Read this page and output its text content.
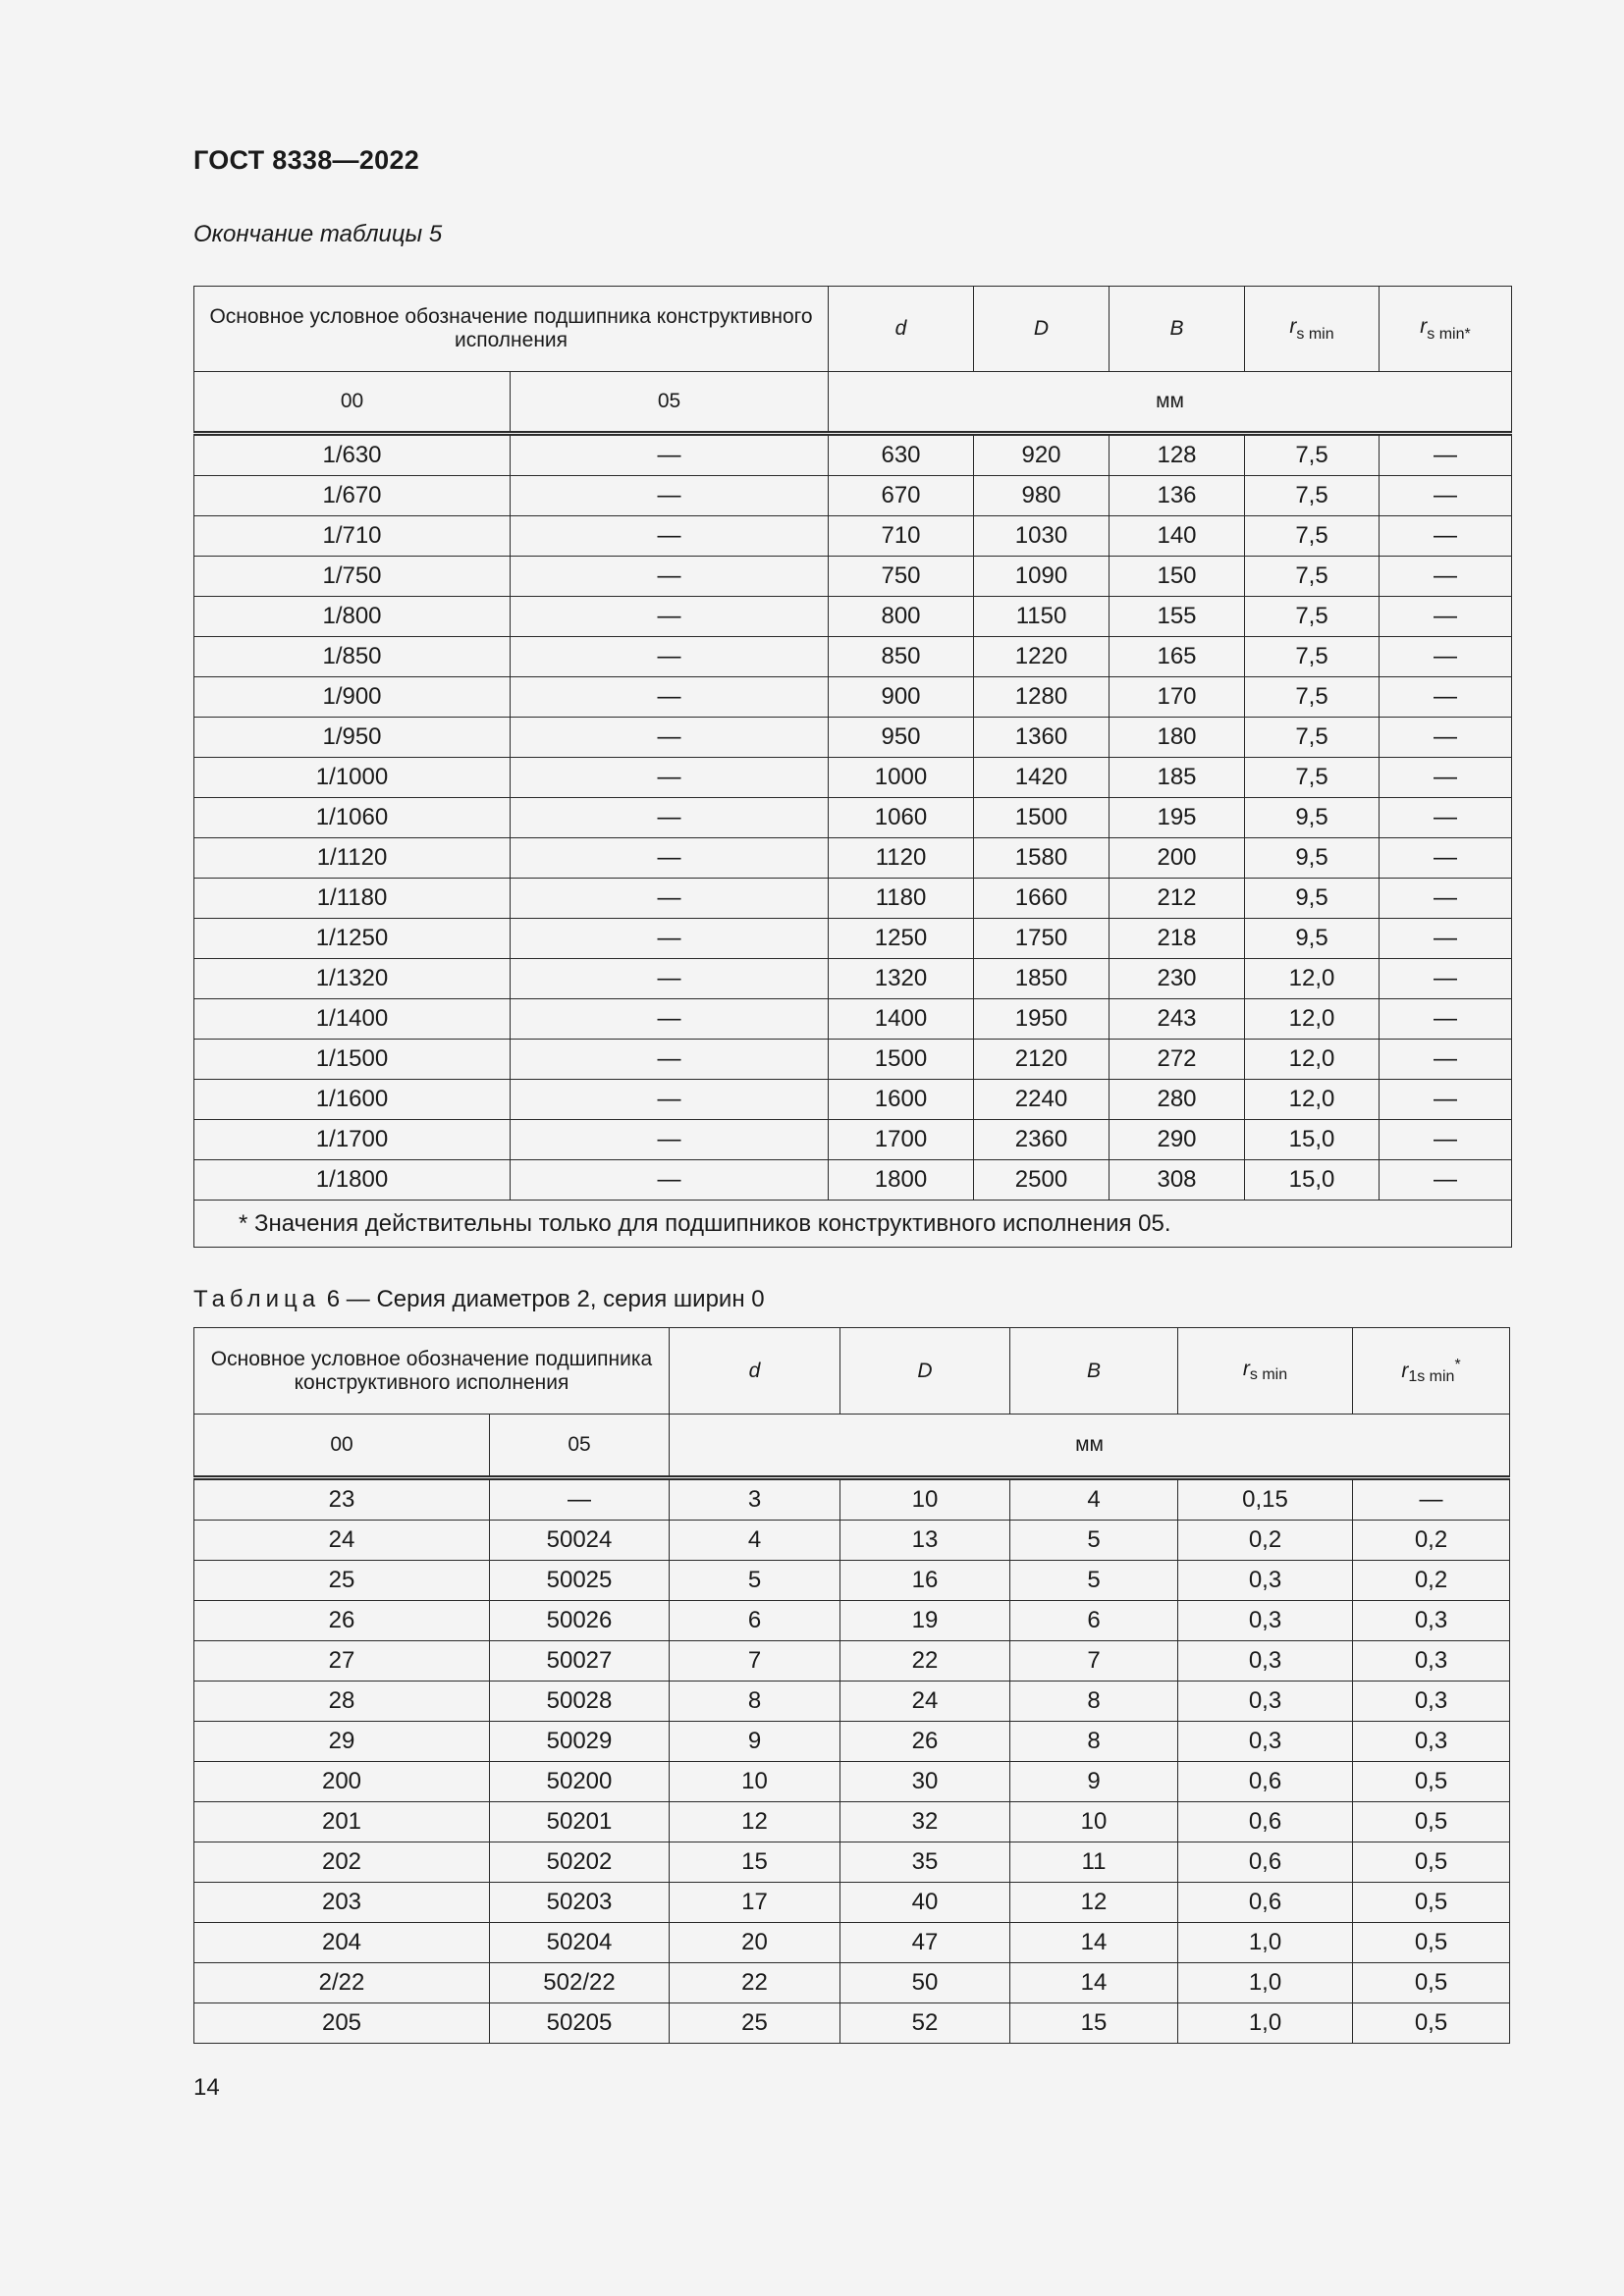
ГОСТ 8338—2022
Окончание таблицы 5
Основное условное обозначение подшипника конструктивного исполнения		d	D	B	$r_{s min}$	$r_{s min*}$
00	05	мм				
1/630	—	630	920	128	7,5	—
1/670	—	670	980	136	7,5	—
1/710	—	710	1030	140	7,5	—
1/750	—	750	1090	150	7,5	—
1/800	—	800	1150	155	7,5	—
1/850	—	850	1220	165	7,5	—
1/900	—	900	1280	170	7,5	—
1/950	—	950	1360	180	7,5	—
1/1000	—	1000	1420	185	7,5	—
1/1060	—	1060	1500	195	9,5	—
1/1120	—	1120	1580	200	9,5	—
1/1180	—	1180	1660	212	9,5	—
1/1250	—	1250	1750	218	9,5	—
1/1320	—	1320	1850	230	12,0	—
1/1400	—	1400	1950	243	12,0	—
1/1500	—	1500	2120	272	12,0	—
1/1600	—	1600	2240	280	12,0	—
1/1700	—	1700	2360	290	15,0	—
1/1800	—	1800	2500	308	15,0	—
* Значения действительны только для подшипников конструктивного исполнения 05.						
Таблица 6 — Серия диаметров 2, серия ширин 0
Основное условное обозначение подшипника конструктивного исполнения		d	D	B	rs min	r1s min*
00	05	мм				
23	—	3	10	4	0,15	—
24	50024	4	13	5	0,2	0,2
25	50025	5	16	5	0,3	0,2
26	50026	6	19	6	0,3	0,3
27	50027	7	22	7	0,3	0,3
28	50028	8	24	8	0,3	0,3
29	50029	9	26	8	0,3	0,3
200	50200	10	30	9	0,6	0,5
201	50201	12	32	10	0,6	0,5
202	50202	15	35	11	0,6	0,5
203	50203	17	40	12	0,6	0,5
204	50204	20	47	14	1,0	0,5
2/22	502/22	22	50	14	1,0	0,5
205	50205	25	52	15	1,0	0,5
14
